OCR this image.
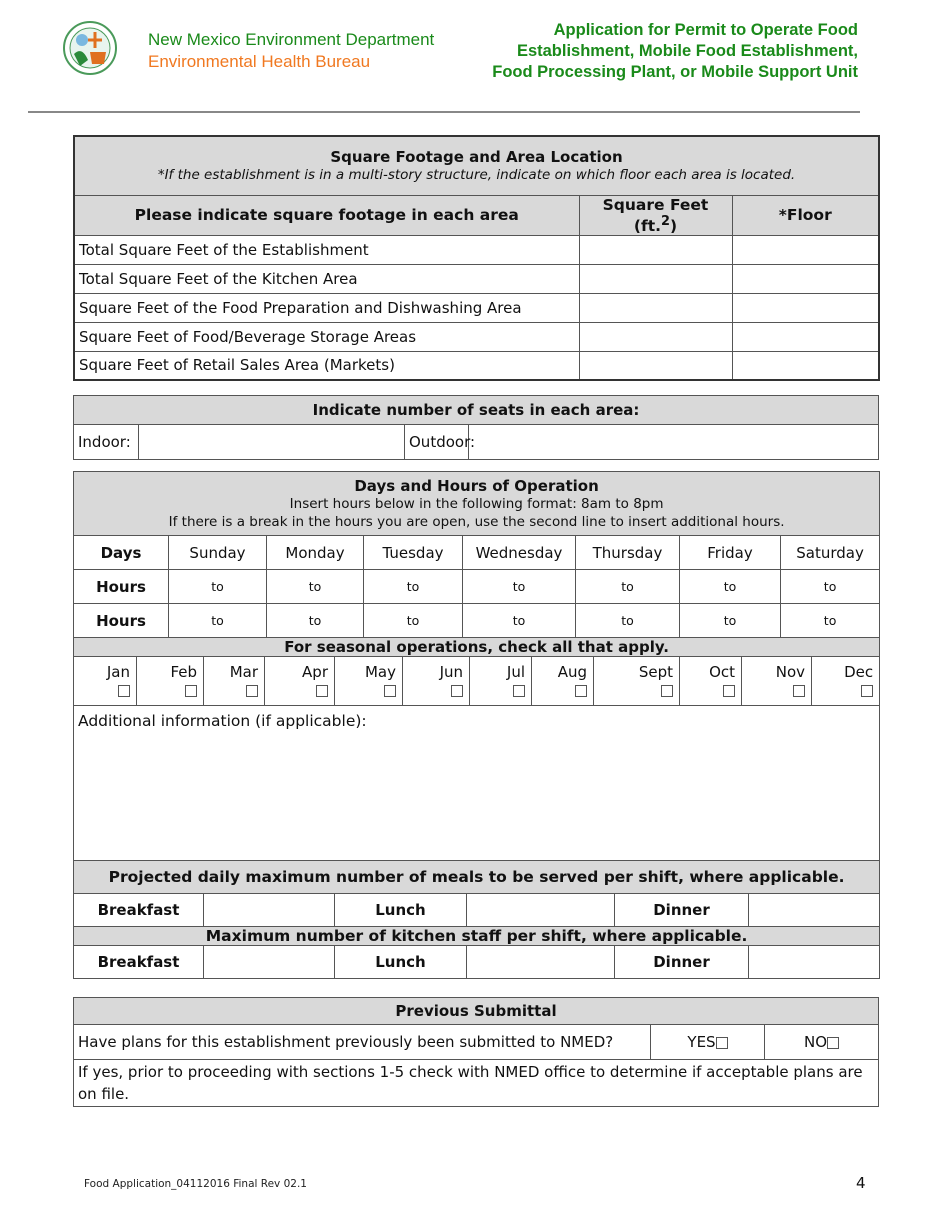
New Mexico Environment Department
Environmental Health Bureau
Application for Permit to Operate Food Establishment, Mobile Food Establishment, Food Processing Plant, or Mobile Support Unit
Square Footage and Area Location
*If the establishment is in a multi-story structure, indicate on which floor each area is located.		

Please indicate square footage in each area	Square Feet (ft.$^2$)	*Floor
Total Square Feet of the Establishment		
Total Square Feet of the Kitchen Area		
Square Feet of the Food Preparation and Dishwashing Area		
Square Feet of Food/Beverage Storage Areas		
Square Feet of Retail Sales Area (Markets)		
Indicate number of seats in each area:
Indoor:		Outdoor:	
Days and Hours of Operation
Insert hours below in the following format: 8am to 8pm
If there is a break in the hours you are open, use the second line to insert additional hours.																				

Days		Sunday			Monday		Tuesday		Wednesday				Thursday			Friday			Saturday	
Hours		to			to		to		to				to			to			to	
Hours		to			to		to		to				to			to			to	
For seasonal operations, check all that apply.																				

Jan	Feb		Mar	Apr		May		Jun			Jul	Aug		Sept		Oct	Nov			Dec

Additional information (if applicable):																				
Projected daily maximum number of meals to be served per shift, where applicable.																				
Breakfast						Lunch									Dinner					
Maximum number of kitchen staff per shift, where applicable.																				
Breakfast						Lunch									Dinner					
Previous Submittal
Have plans for this establishment previously been submitted to NMED?	YES	NO
If yes, prior to proceeding with sections 1-5 check with NMED office to determine if acceptable plans are on file.
Food Application_04112016 Final Rev 02.1	4
